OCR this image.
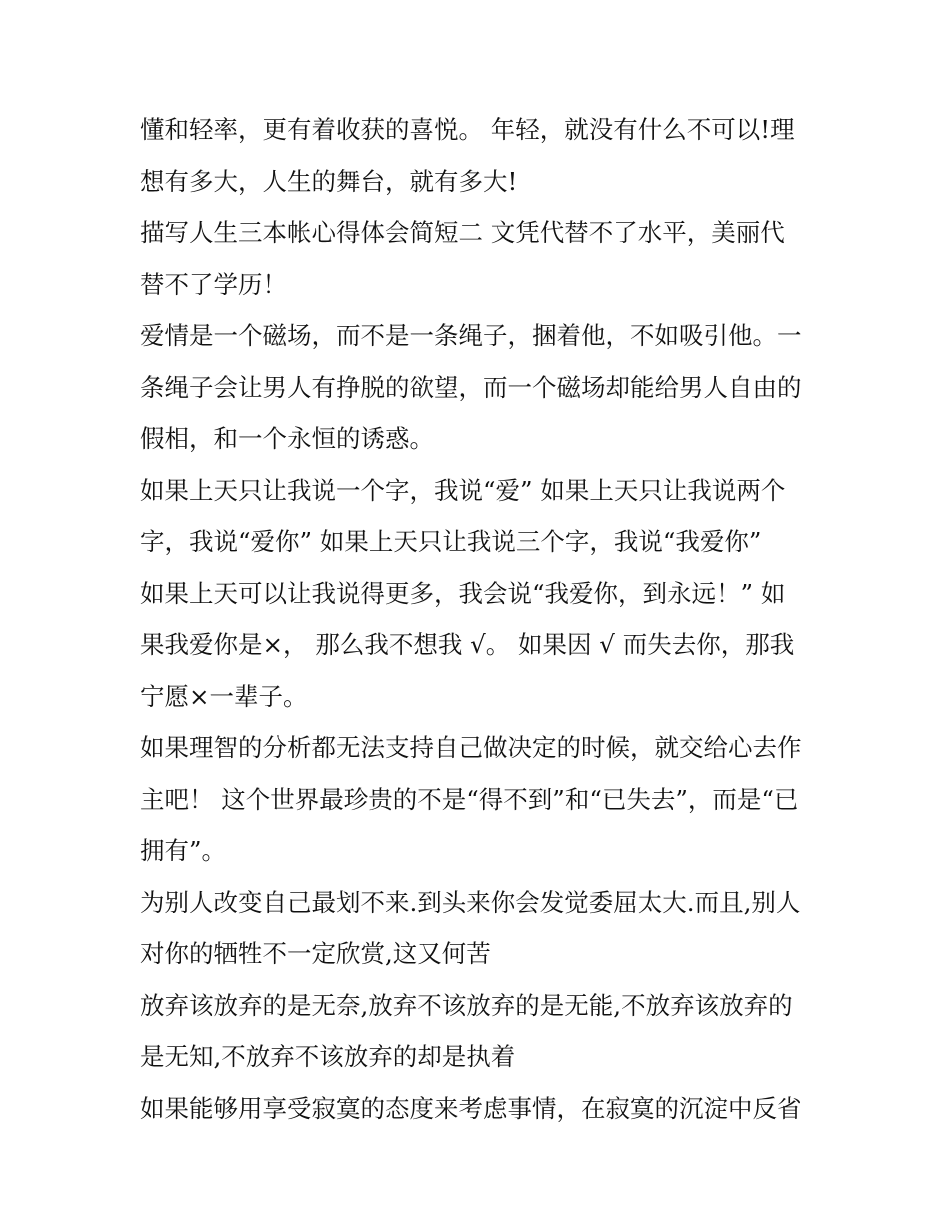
懂和轻率，更有着收获的喜悦。 年轻，就没有什么不可以!理
想有多大，人生的舞台，就有多大!
描写人生三本帐心得体会简短二 文凭代替不了水平，美丽代
替不了学历！
爱情是一个磁场，而不是一条绳子，捆着他，不如吸引他。一
条绳子会让男人有挣脱的欲望，而一个磁场却能给男人自由的
假相，和一个永恒的诱惑。
如果上天只让我说一个字，我说“爱” 如果上天只让我说两个
字，我说“爱你” 如果上天只让我说三个字，我说“我爱你”
如果上天可以让我说得更多，我会说“我爱你，到永远！” 如
果我爱你是×， 那么我不想我 √。 如果因 √ 而失去你，那我
宁愿×一辈子。
如果理智的分析都无法支持自己做决定的时候，就交给心去作
主吧！ 这个世界最珍贵的不是“得不到”和“已失去”，而是“已
拥有”。
为别人改变自己最划不来.到头来你会发觉委屈太大.而且,别人
对你的牺牲不一定欣赏,这又何苦
放弃该放弃的是无奈,放弃不该放弃的是无能,不放弃该放弃的
是无知,不放弃不该放弃的却是执着
如果能够用享受寂寞的态度来考虑事情，在寂寞的沉淀中反省
